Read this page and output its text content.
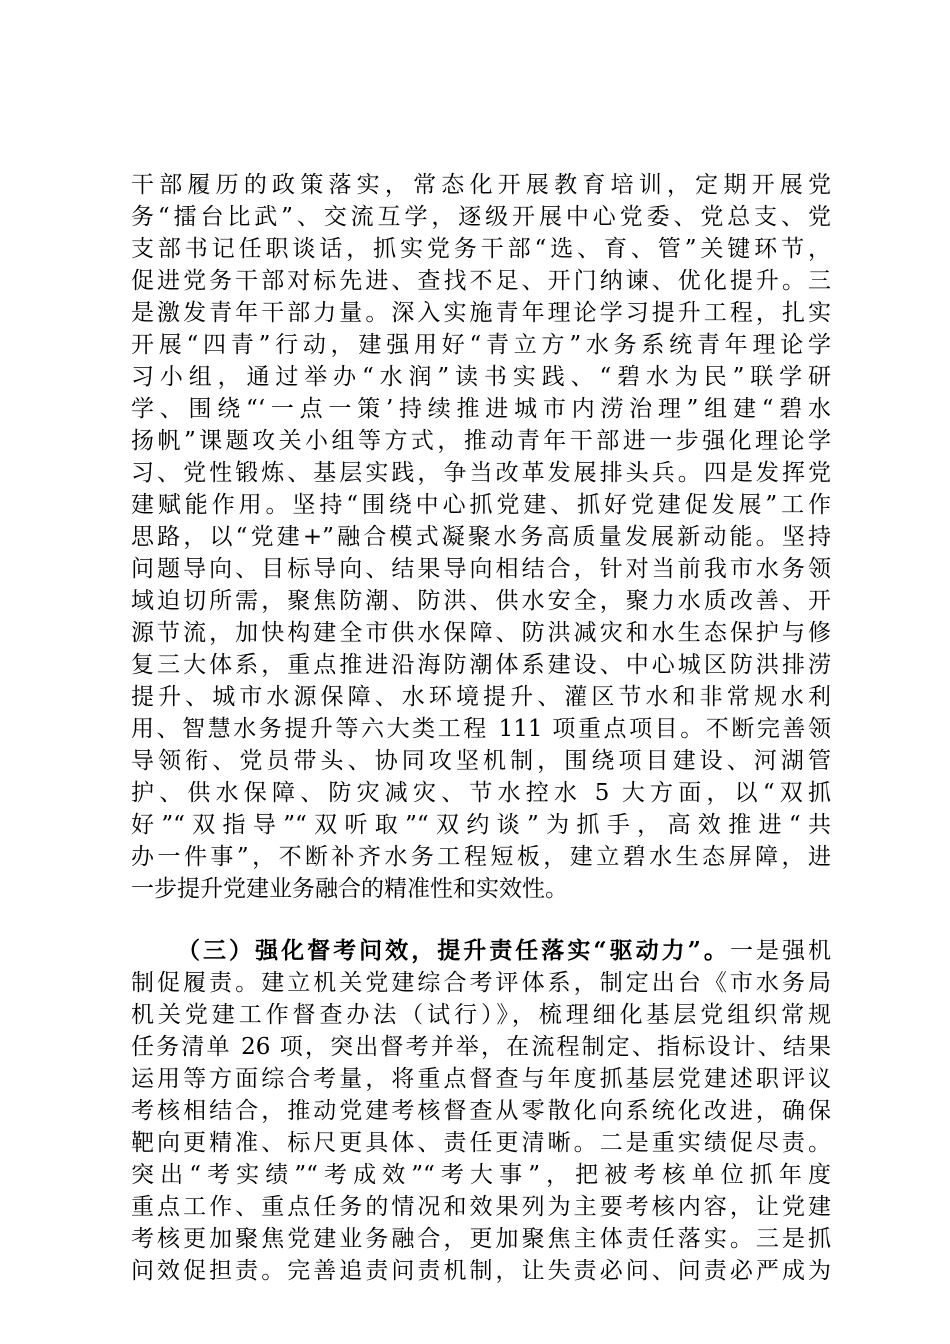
干部履历的政策落实，常态化开展教育培训，定期开展党
务“擂台比武”、交流互学，逐级开展中心党委、党总支、党
支部书记任职谈话，抓实党务干部“选、育、管”关键环节，
促进党务干部对标先进、查找不足、开门纳谏、优化提升。三
是激发青年干部力量。深入实施青年理论学习提升工程，扎实
开展“四青”行动，建强用好“青立方”水务系统青年理论学
习小组，通过举办“水润”读书实践、“碧水为民”联学研
学、围绕“‘一点一策’持续推进城市内涝治理”组建“碧水
扬帆”课题攻关小组等方式，推动青年干部进一步强化理论学
习、党性锻炼、基层实践，争当改革发展排头兵。四是发挥党
建赋能作用。坚持“围绕中心抓党建、抓好党建促发展”工作
思路，以“党建+”融合模式凝聚水务高质量发展新动能。坚持
问题导向、目标导向、结果导向相结合，针对当前我市水务领
域迫切所需，聚焦防潮、防洪、供水安全，聚力水质改善、开
源节流，加快构建全市供水保障、防洪减灾和水生态保护与修
复三大体系，重点推进沿海防潮体系建设、中心城区防洪排涝
提升、城市水源保障、水环境提升、灌区节水和非常规水利
用、智慧水务提升等六大类工程 111 项重点项目。不断完善领
导领衔、党员带头、协同攻坚机制，围绕项目建设、河湖管
护、供水保障、防灾减灾、节水控水 5 大方面，以“双抓
好”“双指导”“双听取”“双约谈”为抓手，高效推进“共
办一件事”，不断补齐水务工程短板，建立碧水生态屏障，进
一步提升党建业务融合的精准性和实效性。
（三）强化督考问效，提升责任落实“驱动力”。一是强机
制促履责。建立机关党建综合考评体系，制定出台《市水务局
机关党建工作督查办法（试行）》，梳理细化基层党组织常规
任务清单 26 项，突出督考并举，在流程制定、指标设计、结果
运用等方面综合考量，将重点督查与年度抓基层党建述职评议
考核相结合，推动党建考核督查从零散化向系统化改进，确保
靶向更精准、标尺更具体、责任更清晰。二是重实绩促尽责。
突出“考实绩”“考成效”“考大事”，把被考核单位抓年度
重点工作、重点任务的情况和效果列为主要考核内容，让党建
考核更加聚焦党建业务融合，更加聚焦主体责任落实。三是抓
问效促担责。完善追责问责机制，让失责必问、问责必严成为
